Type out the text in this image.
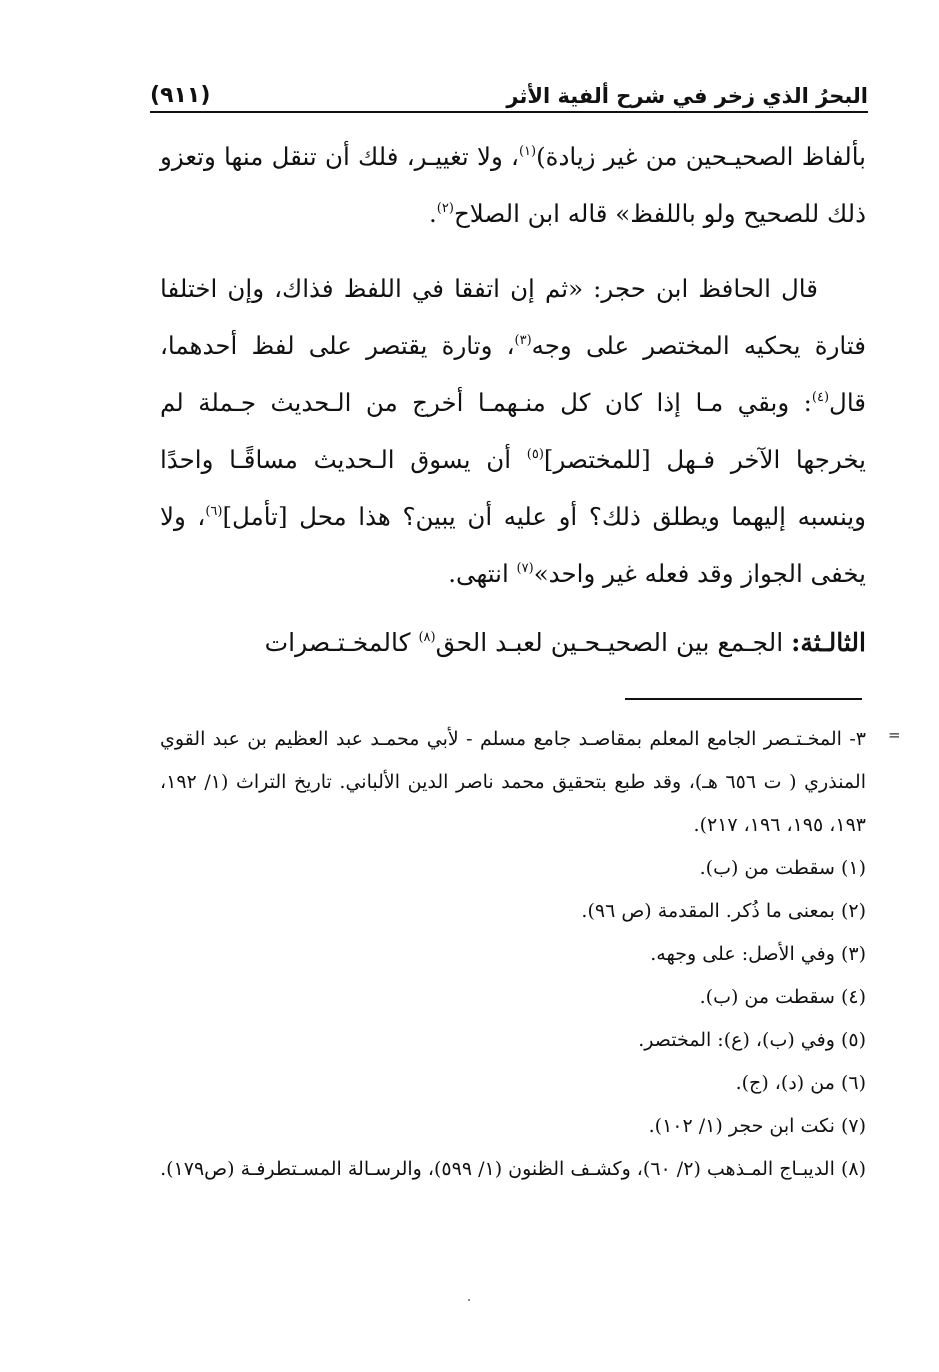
البحرُ الذي زخر في شرح ألفية الأثر
(٩١١)

بألفاظ الصحيـحين من غير زيادة)$^{(١)}$، ولا تغييـر، فلك أن تنقل منها وتعزو ذلك للصحيح ولو باللفظ» قاله ابن الصلاح$^{(٢)}$.

قال الحافظ ابن حجر: «ثم إن اتفقا في اللفظ فذاك، وإن اختلفا فتارة يحكيه المختصر على وجه$^{(٣)}$، وتارة يقتصر على لفظ أحدهما، قال$^{(٤)}$: وبقي مـا إذا كان كل منـهمـا أخرج من الـحديث جـملة لم يخرجها الآخر فـهل [للمختصر]$^{(٥)}$ أن يسوق الـحديث مساقًـا واحدًا وينسبه إليهما ويطلق ذلك؟ أو عليه أن يبين؟ هذا محل [تأمل]$^{(٦)}$، ولا يخفى الجواز وقد فعله غير واحد»$^{(٧)}$ انتهى.

الثالـثة: الجـمع بين الصحيـحـين لعبـد الحق$^{(٨)}$ كالمخـتـصرات

=

٣- المخـتـصر الجامع المعلم بمقاصـد جامع مسلم - لأبي محمـد عبد العظيم بن عبد القوي المنذري ( ت ٦٥٦ هـ)، وقد طبع بتحقيق محمد ناصر الدين الألباني. تاريخ التراث (١/ ١٩٢، ١٩٣، ١٩٥، ١٩٦، ٢١٧).

(١) سقطت من (ب).

(٢) بمعنى ما ذُكر. المقدمة (ص ٩٦).

(٣) وفي الأصل: على وجهه.

(٤) سقطت من (ب).

(٥) وفي (ب)، (ع): المختصر.

(٦) من (د)، (ج).

(٧) نكت ابن حجر (١/ ١٠٢).

(٨) الديبـاج المـذهب (٢/ ٦٠)، وكشـف الظنون (١/ ٥٩٩)، والرسـالة المسـتطرفـة (ص١٧٩).
